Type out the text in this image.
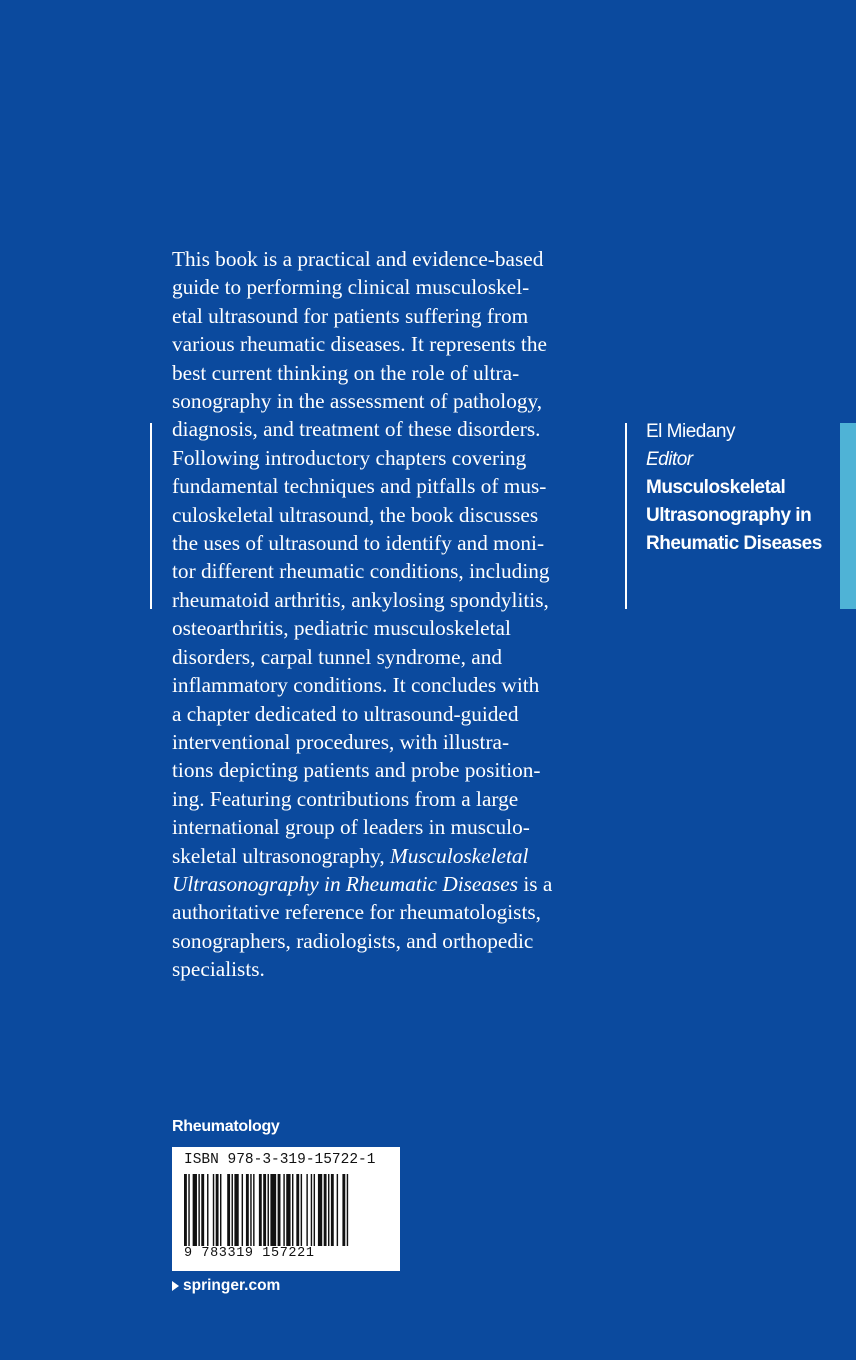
This book is a practical and evidence-based
guide to performing clinical musculoskel-
etal ultrasound for patients suffering from
various rheumatic diseases. It represents the
best current thinking on the role of ultra-
sonography in the assessment of pathology,
diagnosis, and treatment of these disorders.
Following introductory chapters covering
fundamental techniques and pitfalls of mus-
culoskeletal ultrasound, the book discusses
the uses of ultrasound to identify and moni-
tor different rheumatic conditions, including
rheumatoid arthritis, ankylosing spondylitis,
osteoarthritis, pediatric musculoskeletal
disorders, carpal tunnel syndrome, and
inflammatory conditions. It concludes with
a chapter dedicated to ultrasound-guided
interventional procedures, with illustra-
tions depicting patients and probe position-
ing. Featuring contributions from a large
international group of leaders in musculo-
skeletal ultrasonography, Musculoskeletal
Ultrasonography in Rheumatic Diseases is a
authoritative reference for rheumatologists,
sonographers, radiologists, and orthopedic
specialists.

El Miedany
Editor
Musculoskeletal
Ultrasonography in
Rheumatic Diseases
Rheumatology
ISBN 978-3-319-15722-1
9 783319 157221
springer.com
